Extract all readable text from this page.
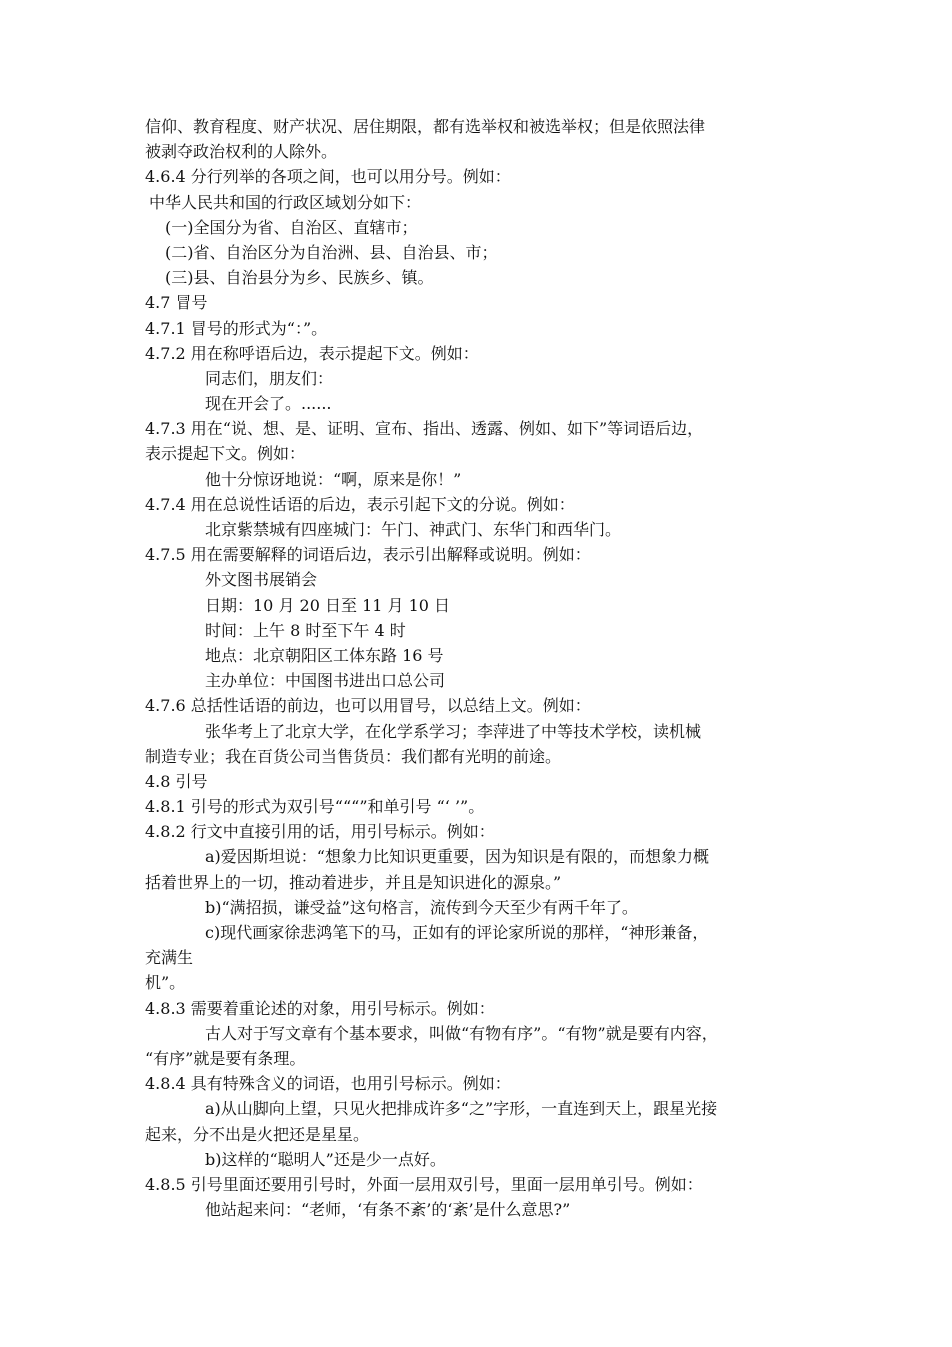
信仰、教育程度、财产状况、居住期限，都有选举权和被选举权；但是依照法律
被剥夺政治权利的人除外。
4.6.4 分行列举的各项之间，也可以用分号。例如：
中华人民共和国的行政区域划分如下：
(一)全国分为省、自治区、直辖市；
(二)省、自治区分为自治洲、县、自治县、市；
(三)县、自治县分为乡、民族乡、镇。
4.7 冒号
4.7.1 冒号的形式为“：”。
4.7.2 用在称呼语后边，表示提起下文。例如：
同志们，朋友们：
现在开会了。......
4.7.3 用在“说、想、是、证明、宣布、指出、透露、例如、如下”等词语后边，
表示提起下文。例如：
他十分惊讶地说：“啊，原来是你！”
4.7.4 用在总说性话语的后边，表示引起下文的分说。例如：
北京紫禁城有四座城门：午门、神武门、东华门和西华门。
4.7.5 用在需要解释的词语后边，表示引出解释或说明。例如：
外文图书展销会
日期：10 月 20 日至 11 月 10 日
时间：上午 8 时至下午 4 时
地点：北京朝阳区工体东路 16 号
主办单位：中国图书进出口总公司
4.7.6 总括性话语的前边，也可以用冒号，以总结上文。例如：
张华考上了北京大学，在化学系学习；李萍进了中等技术学校，读机械
制造专业；我在百货公司当售货员：我们都有光明的前途。
4.8 引号
4.8.1 引号的形式为双引号“““”和单引号 “‘ ’”。
4.8.2 行文中直接引用的话，用引号标示。例如：
a)爱因斯坦说：“想象力比知识更重要，因为知识是有限的，而想象力概
括着世界上的一切，推动着进步，并且是知识进化的源泉。”
b)“满招损，谦受益”这句格言，流传到今天至少有两千年了。
c)现代画家徐悲鸿笔下的马，正如有的评论家所说的那样，“神形兼备，
充满生
机”。
4.8.3 需要着重论述的对象，用引号标示。例如：
古人对于写文章有个基本要求，叫做“有物有序”。“有物”就是要有内容，
“有序”就是要有条理。
4.8.4 具有特殊含义的词语，也用引号标示。例如：
a)从山脚向上望，只见火把排成许多“之”字形，一直连到天上，跟星光接
起来，分不出是火把还是星星。
b)这样的“聪明人”还是少一点好。
4.8.5 引号里面还要用引号时，外面一层用双引号，里面一层用单引号。例如：
他站起来问：“老师，‘有条不紊’的‘紊’是什么意思?”
